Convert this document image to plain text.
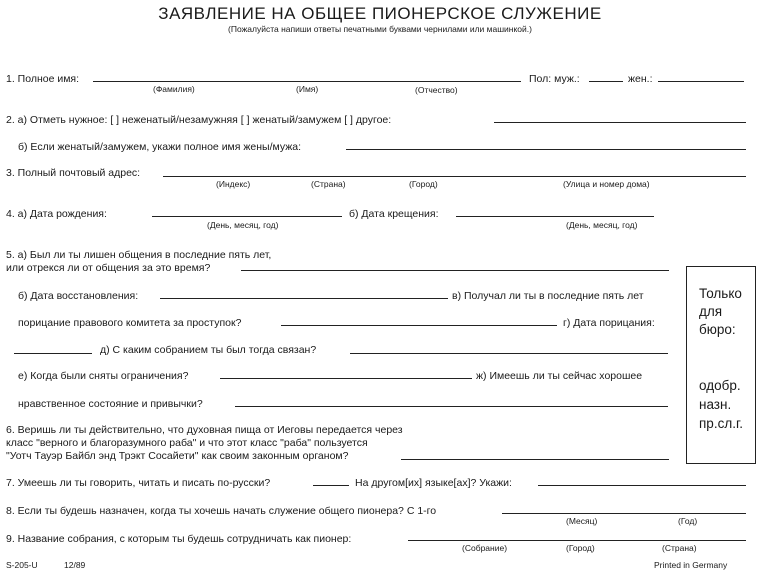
ЗАЯВЛЕНИЕ НА ОБЩЕЕ ПИОНЕРСКОЕ СЛУЖЕНИЕ
(Пожалуйста напиши ответы печатными буквами чернилами или машинкой.)
1. Полное имя:
(Фамилия)	(Имя)	(Отчество)
Пол: муж.:	жен.:
2. а) Отметь нужное: [ ] неженатый/незамужняя [ ] женатый/замужем [ ] другое:
б) Если женатый/замужем, укажи полное имя жены/мужа:
3. Полный почтовый адрес:
(Индекс)	(Страна)	(Город)	(Улица и номер дома)
4. а) Дата рождения:
(День, месяц, год)
б) Дата крещения:
(День, месяц, год)
5. а) Был ли ты лишен общения в последние пять лет,
или отрекся ли от общения за это время?
б) Дата восстановления:	в) Получал ли ты в последние пять лет
порицание правового комитета за проступок?	г) Дата порицания:
д) С каким собранием ты был тогда связан?
е) Когда были сняты ограничения?	ж) Имеешь ли ты сейчас хорошее
нравственное состояние и привычки?
6. Веришь ли ты действительно, что духовная пища от Иеговы передается через
класс "верного и благоразумного раба" и что этот класс "раба" пользуется
"Уотч Тауэр Байбл энд Трэкт Сосайети" как своим законным органом?
7. Умеешь ли ты говорить, читать и писать по-русски?	На другом[их] языке[ах]? Укажи:
8. Если ты будешь назначен, когда ты хочешь начать служение общего пионера? С 1-го
(Месяц)	(Год)
9. Название собрания, с которым ты будешь сотрудничать как пионер:
(Собрание)	(Город)	(Страна)
Только
для
бюро:
одобр.
назн.
пр.сл.г.
S-205-U	12/89	Printed in Germany
